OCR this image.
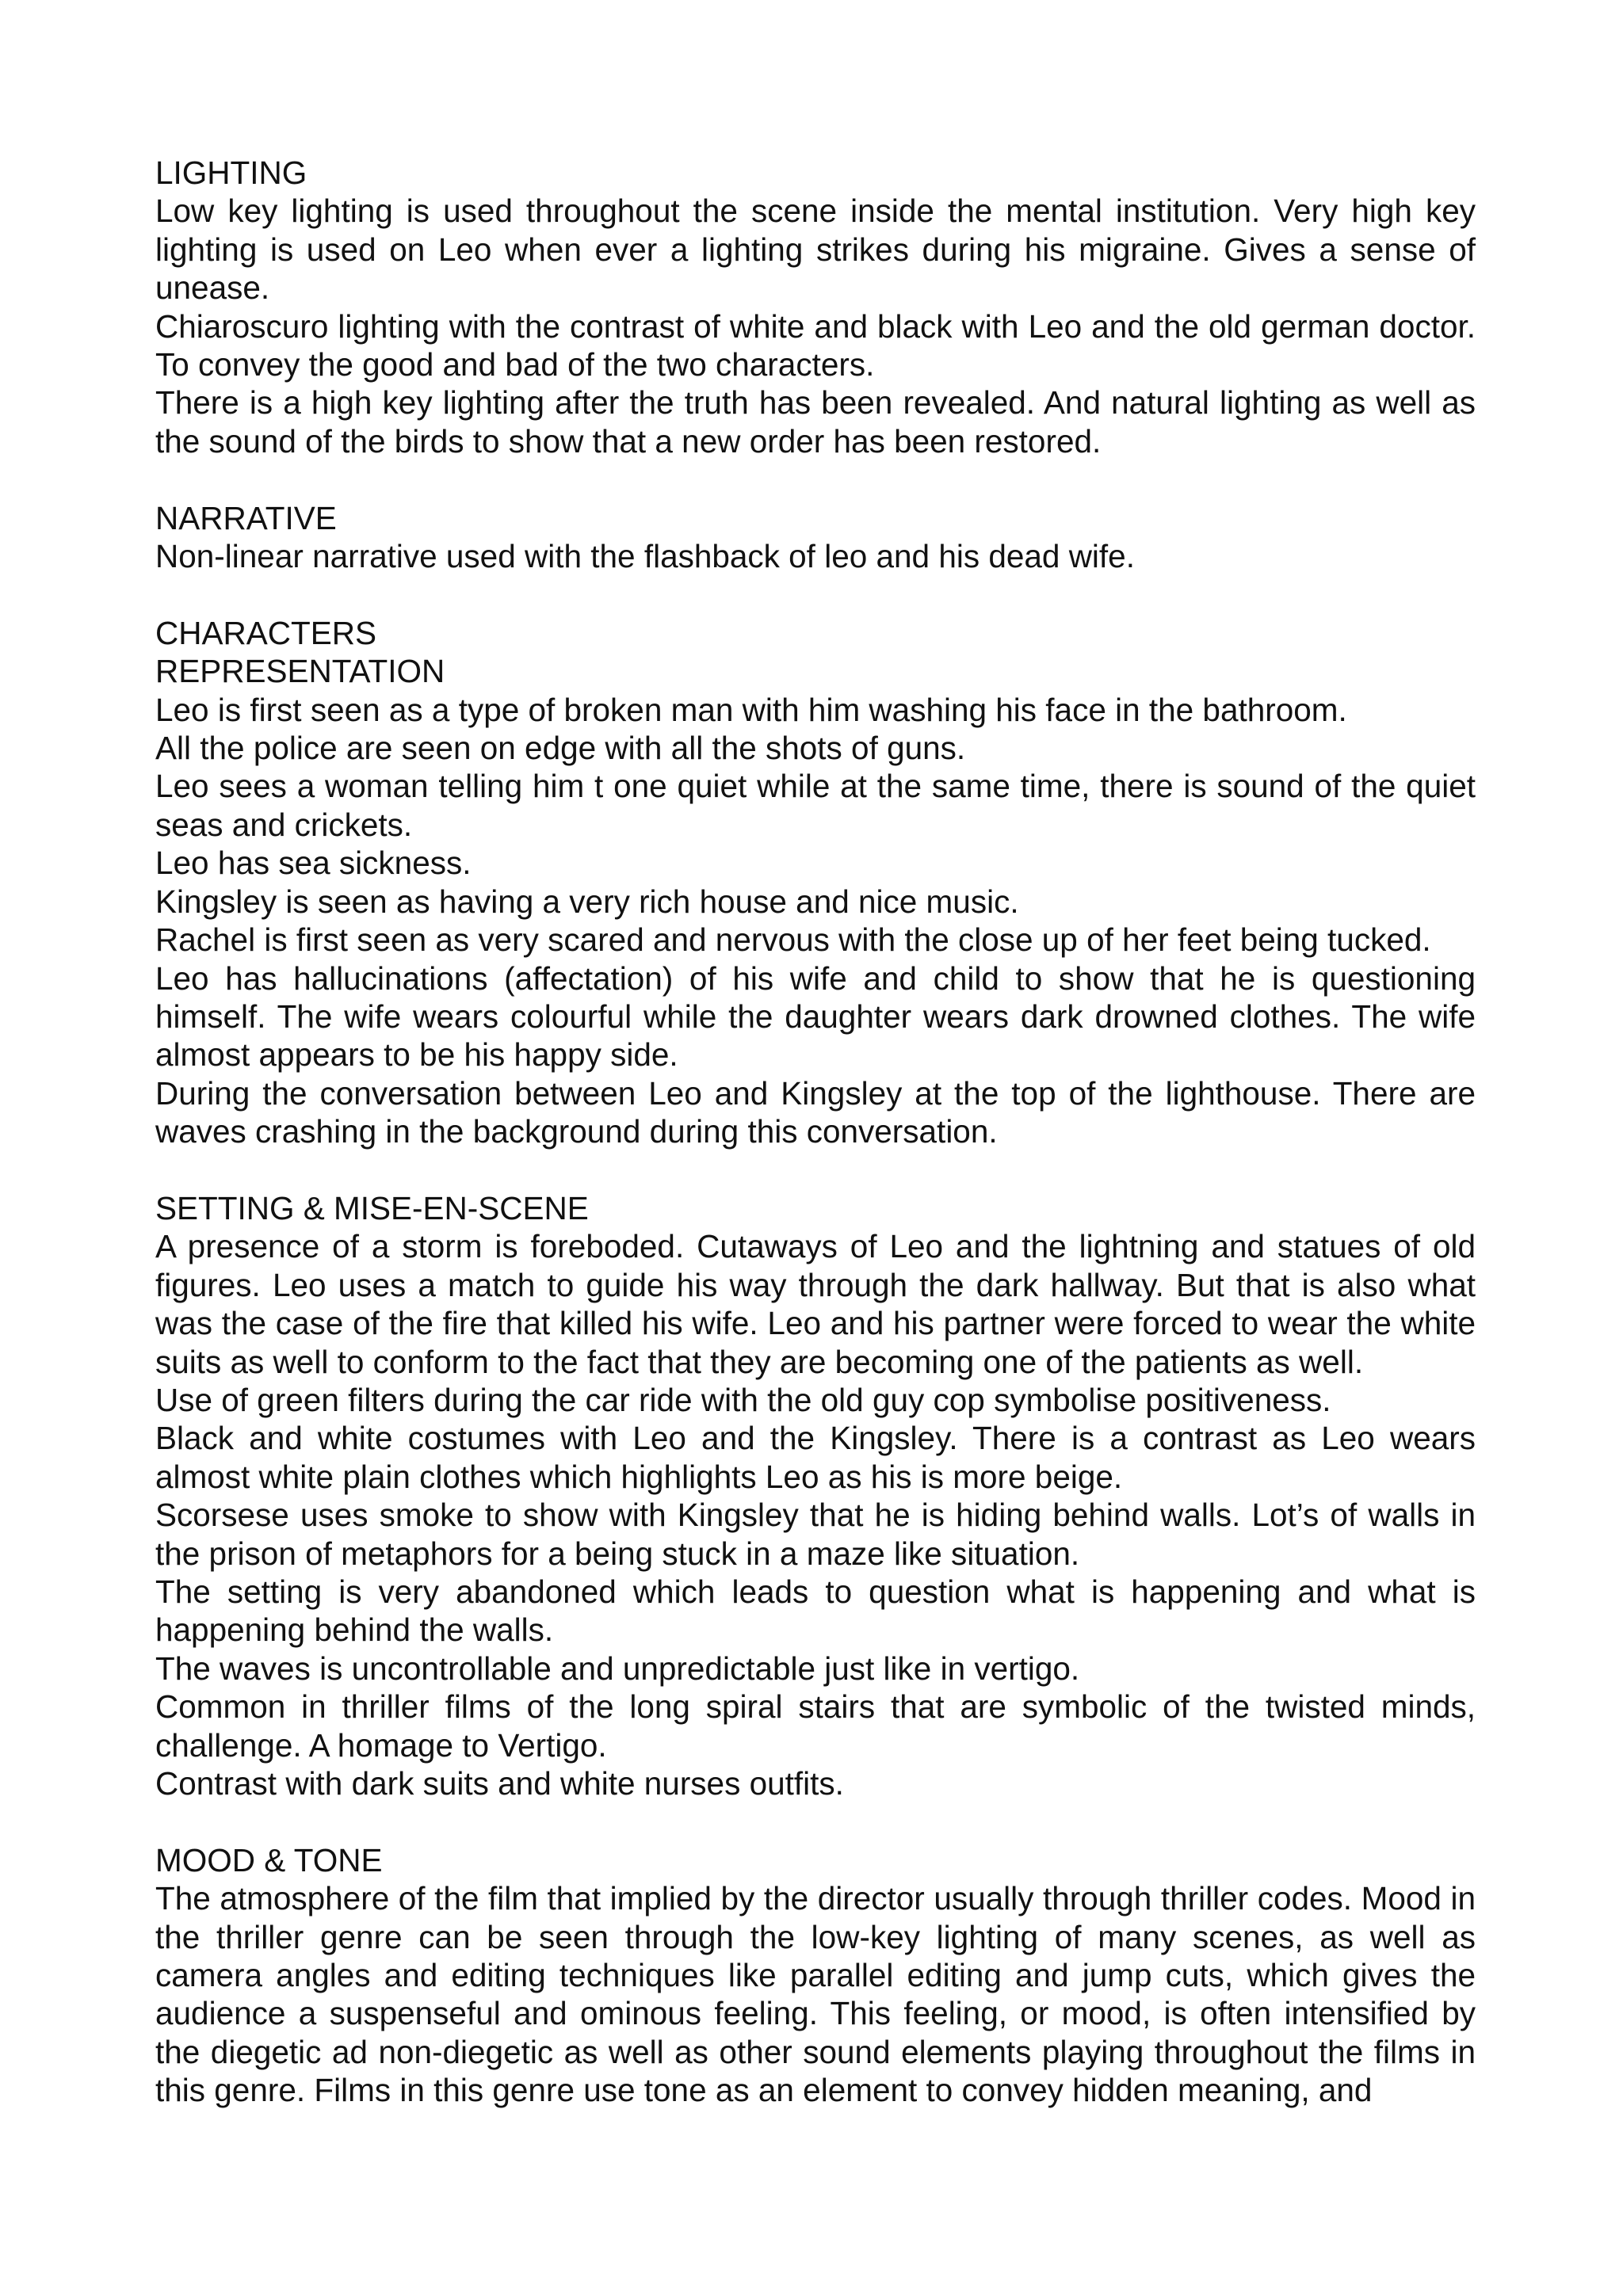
LIGHTING

Low key lighting is used throughout the scene inside the mental institution. Very high key lighting is used on Leo when ever a lighting strikes during his migraine. Gives a sense of unease.

Chiaroscuro lighting with the contrast of white and black with Leo and the old german doctor. To convey the good and bad of the two characters.

There is a high key lighting after the truth has been revealed. And natural lighting as well as the sound of the birds to show that a new order has been restored.

NARRATIVE

Non-linear narrative used with the flashback of leo and his dead wife.

CHARACTERS
REPRESENTATION

Leo is first seen as a type of broken man with him washing his face in the bathroom.

All the police are seen on edge with all the shots of guns.

Leo sees a woman telling him t one quiet while at the same time, there is sound of the quiet seas and crickets.

Leo has sea sickness.

Kingsley is seen as having a very rich house and nice music.

Rachel is first seen as very scared and nervous with the close up of her feet being tucked.

Leo has hallucinations (affectation) of his wife and child to show that he is questioning himself. The wife wears colourful while the daughter wears dark drowned clothes. The wife almost appears to be his happy side.

During the conversation between Leo and Kingsley at the top of the lighthouse. There are waves crashing in the background during this conversation.

SETTING & MISE-EN-SCENE

A presence of a storm is foreboded. Cutaways of Leo and the lightning and statues of old figures. Leo uses a match to guide his way through the dark hallway. But that is also what was the case of the fire that killed his wife. Leo and his partner were forced to wear the white suits as well to conform to the fact that they are becoming one of the patients as well.

Use of green filters during the car ride with the old guy cop symbolise positiveness.

Black and white costumes with Leo and the Kingsley. There is a contrast as Leo wears almost white plain clothes which highlights Leo as his is more beige.

Scorsese uses smoke to show with Kingsley that he is hiding behind walls. Lot’s of walls in the prison of metaphors for a being stuck in a maze like situation.

The setting is very abandoned which leads to question what is happening and what is happening behind the walls.

The waves is uncontrollable and unpredictable just like in vertigo.

Common in thriller films of the long spiral stairs that are symbolic of the twisted minds, challenge. A homage to Vertigo.

Contrast with dark suits and white nurses outfits.

MOOD & TONE

The atmosphere of the film that implied by the director usually through thriller codes. Mood in the thriller genre can be seen through the low-key lighting of many scenes, as well as camera angles and editing techniques like parallel editing and jump cuts, which gives the audience a suspenseful and ominous feeling. This feeling, or mood, is often intensified by the diegetic ad non-diegetic as well as other sound elements playing throughout the films in this genre. Films in this genre use tone as an element to convey hidden meaning, and
